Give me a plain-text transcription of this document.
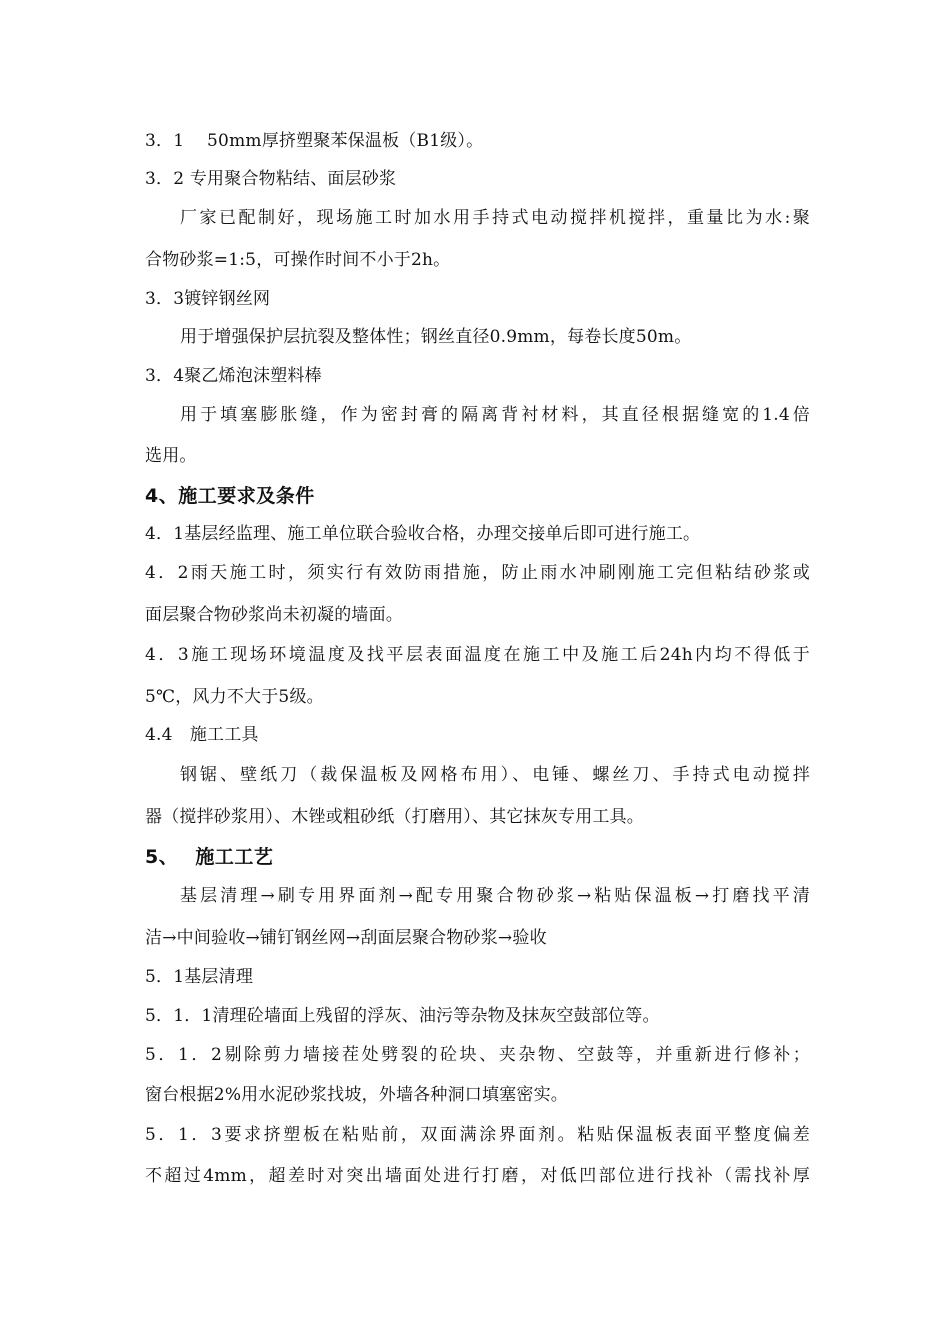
3．1　 50mm厚挤塑聚苯保温板（B1级）。
3．2 专用聚合物粘结、面层砂浆
厂家已配制好，现场施工时加水用手持式电动搅拌机搅拌，重量比为水:聚
合物砂浆=1:5，可操作时间不小于2h。
3．3镀锌钢丝网
用于增强保护层抗裂及整体性；钢丝直径0.9mm，每卷长度50m。
3．4聚乙烯泡沫塑料棒
用于填塞膨胀缝，作为密封膏的隔离背衬材料，其直径根据缝宽的1.4倍
选用。
4、施工要求及条件
4．1基层经监理、施工单位联合验收合格，办理交接单后即可进行施工。
4．2雨天施工时，须实行有效防雨措施，防止雨水冲刷刚施工完但粘结砂浆或
面层聚合物砂浆尚未初凝的墙面。
4．3施工现场环境温度及找平层表面温度在施工中及施工后24h内均不得低于
5℃，风力不大于5级。
4.4　施工工具
钢锯、壁纸刀（裁保温板及网格布用）、电锤、螺丝刀、手持式电动搅拌
器（搅拌砂浆用）、木锉或粗砂纸（打磨用）、其它抹灰专用工具。
5、　 施工工艺
基层清理→刷专用界面剂→配专用聚合物砂浆→粘贴保温板→打磨找平清
洁→中间验收→铺钉钢丝网→刮面层聚合物砂浆→验收
5．1基层清理
5．1．1清理砼墙面上残留的浮灰、油污等杂物及抹灰空鼓部位等。
5．1．2剔除剪力墙接茬处劈裂的砼块、夹杂物、空鼓等，并重新进行修补；
窗台根据2%用水泥砂浆找坡，外墙各种洞口填塞密实。
5．1．3要求挤塑板在粘贴前，双面满涂界面剂。粘贴保温板表面平整度偏差
不超过4mm，超差时对突出墙面处进行打磨，对低凹部位进行找补（需找补厚
